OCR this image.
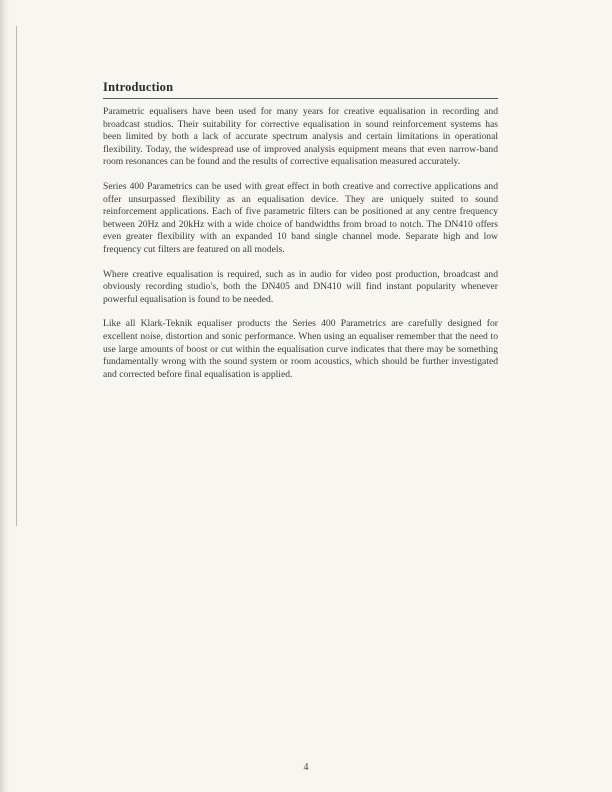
Introduction

Parametric equalisers have been used for many years for creative equalisation in recording and broadcast studios. Their suitability for corrective equalisation in sound reinforcement systems has been limited by both a lack of accurate spectrum analysis and certain limitations in operational flexibility. Today, the widespread use of improved analysis equipment means that even narrow-band room resonances can be found and the results of corrective equalisation measured accurately.

Series 400 Parametrics can be used with great effect in both creative and corrective applications and offer unsurpassed flexibility as an equalisation device. They are uniquely suited to sound reinforcement applications. Each of five parametric filters can be positioned at any centre frequency between 20Hz and 20kHz with a wide choice of bandwidths from broad to notch. The DN410 offers even greater flexibility with an expanded 10 band single channel mode. Separate high and low frequency cut filters are featured on all models.

Where creative equalisation is required, such as in audio for video post production, broadcast and obviously recording studio's, both the DN405 and DN410 will find instant popularity whenever powerful equalisation is found to be needed.

Like all Klark-Teknik equaliser products the Series 400 Parametrics are carefully designed for excellent noise, distortion and sonic performance. When using an equaliser remember that the need to use large amounts of boost or cut within the equalisation curve indicates that there may be something fundamentally wrong with the sound system or room acoustics, which should be further investigated and corrected before final equalisation is applied.

4
